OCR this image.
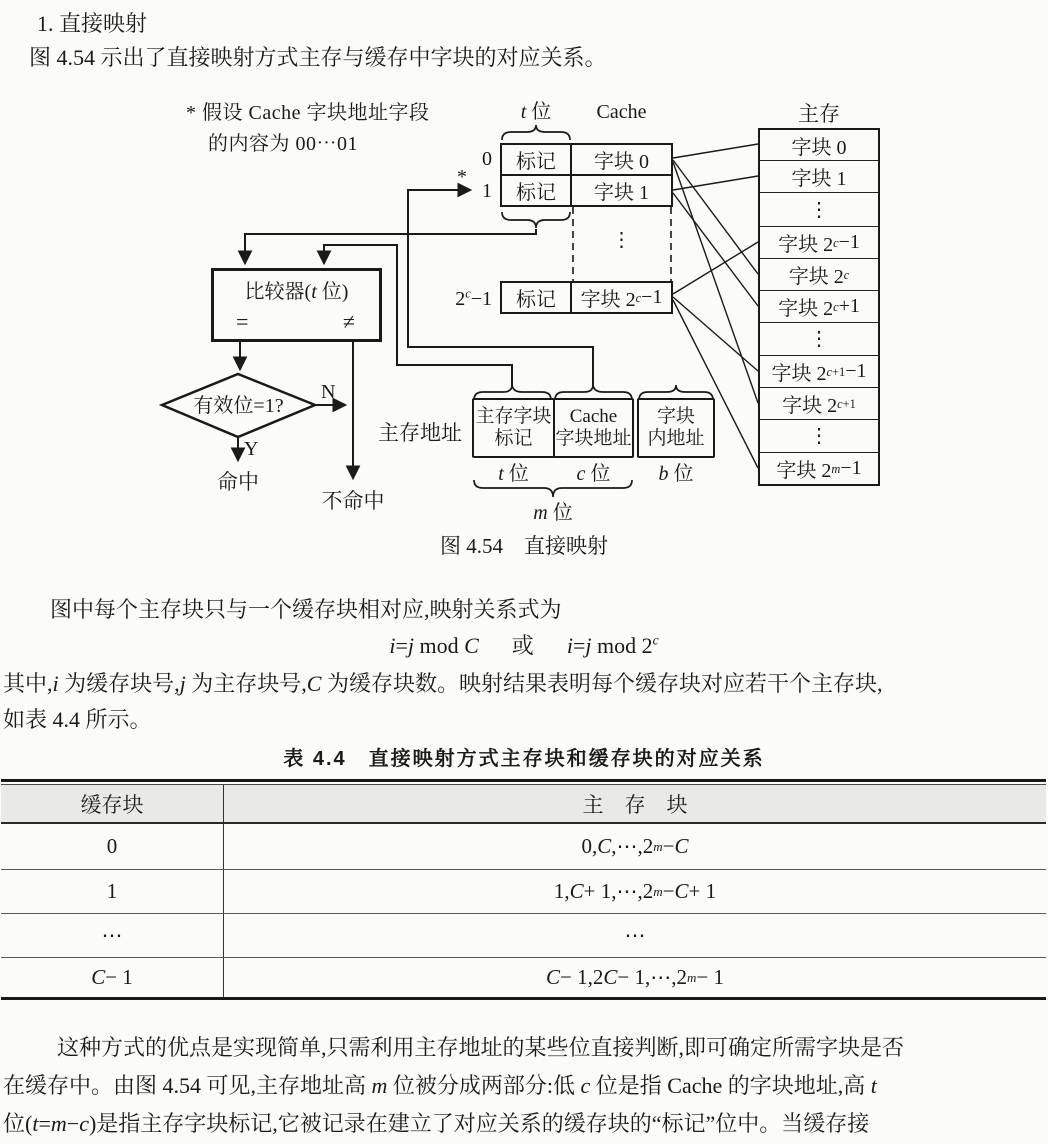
1. 直接映射
图 4.54 示出了直接映射方式主存与缓存中字块的对应关系。
* 假设 Cache 字块地址字段
的内容为 00⋯01
t 位	Cache
0
1
*
$2^c-1$
标记	字块 0
标记	字块 1
标记	字块 2 c −1
⋮
比较器(t 位)
=	≠
有效位=1?
N
Y
命中
不命中
主存地址
主存字块
标记
Cache
字块地址
字块
内地址
t 位	c 位	b 位
m 位
主存
字块 0
字块 1
⋮
字块 2 c −1
字块 2 c
字块 2 c +1
⋮
字块 2 c+1 −1
字块 2 c+1
⋮
字块 2 m −1
图 4.54　直接映射
图中每个主存块只与一个缓存块相对应,映射关系式为
i=j mod C      或      i=j mod 2$^c$
其中,i 为缓存块号,j 为主存块号,C 为缓存块数。映射结果表明每个缓存块对应若干个主存块,
如表 4.4 所示。
表 4.4　直接映射方式主存块和缓存块的对应关系
缓存块	主　存　块
0	0, C ,⋯,2 m − C
1	1, C + 1,⋯,2 m − C + 1
⋯	⋯
C − 1	C − 1,2 C − 1,⋯,2 m − 1
这种方式的优点是实现简单,只需利用主存地址的某些位直接判断,即可确定所需字块是否
在缓存中。由图 4.54 可见,主存地址高 m 位被分成两部分:低 c 位是指 Cache 的字块地址,高 t
位(t=m−c)是指主存字块标记,它被记录在建立了对应关系的缓存块的“标记”位中。当缓存接
